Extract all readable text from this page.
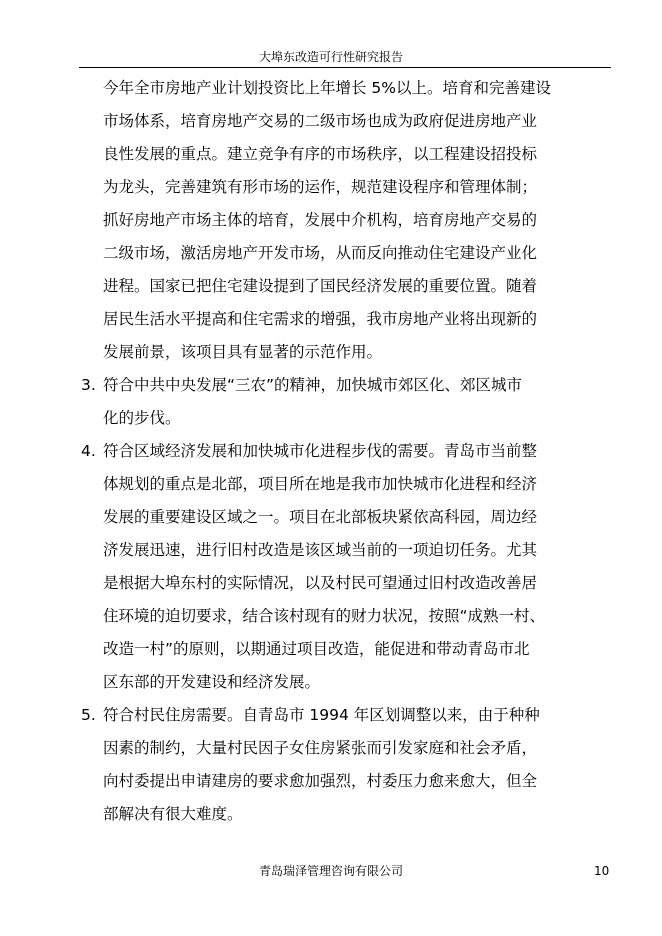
大埠东改造可行性研究报告
今年全市房地产业计划投资比上年增长 5%以上。培育和完善建设
市场体系，培育房地产交易的二级市场也成为政府促进房地产业
良性发展的重点。建立竞争有序的市场秩序，以工程建设招投标
为龙头，完善建筑有形市场的运作，规范建设程序和管理体制；
抓好房地产市场主体的培育，发展中介机构，培育房地产交易的
二级市场，激活房地产开发市场，从而反向推动住宅建设产业化
进程。国家已把住宅建设提到了国民经济发展的重要位置。随着
居民生活水平提高和住宅需求的增强，我市房地产业将出现新的
发展前景，该项目具有显著的示范作用。
3. 符合中共中央发展“三农”的精神，加快城市郊区化、郊区城市
化的步伐。
4. 符合区域经济发展和加快城市化进程步伐的需要。青岛市当前整
体规划的重点是北部，项目所在地是我市加快城市化进程和经济
发展的重要建设区域之一。项目在北部板块紧依高科园，周边经
济发展迅速，进行旧村改造是该区域当前的一项迫切任务。尤其
是根据大埠东村的实际情况，以及村民可望通过旧村改造改善居
住环境的迫切要求，结合该村现有的财力状况，按照“成熟一村、
改造一村”的原则，以期通过项目改造，能促进和带动青岛市北
区东部的开发建设和经济发展。
5. 符合村民住房需要。自青岛市 1994 年区划调整以来，由于种种
因素的制约，大量村民因子女住房紧张而引发家庭和社会矛盾，
向村委提出申请建房的要求愈加强烈，村委压力愈来愈大，但全
部解决有很大难度。
青岛瑞泽管理咨询有限公司	10
